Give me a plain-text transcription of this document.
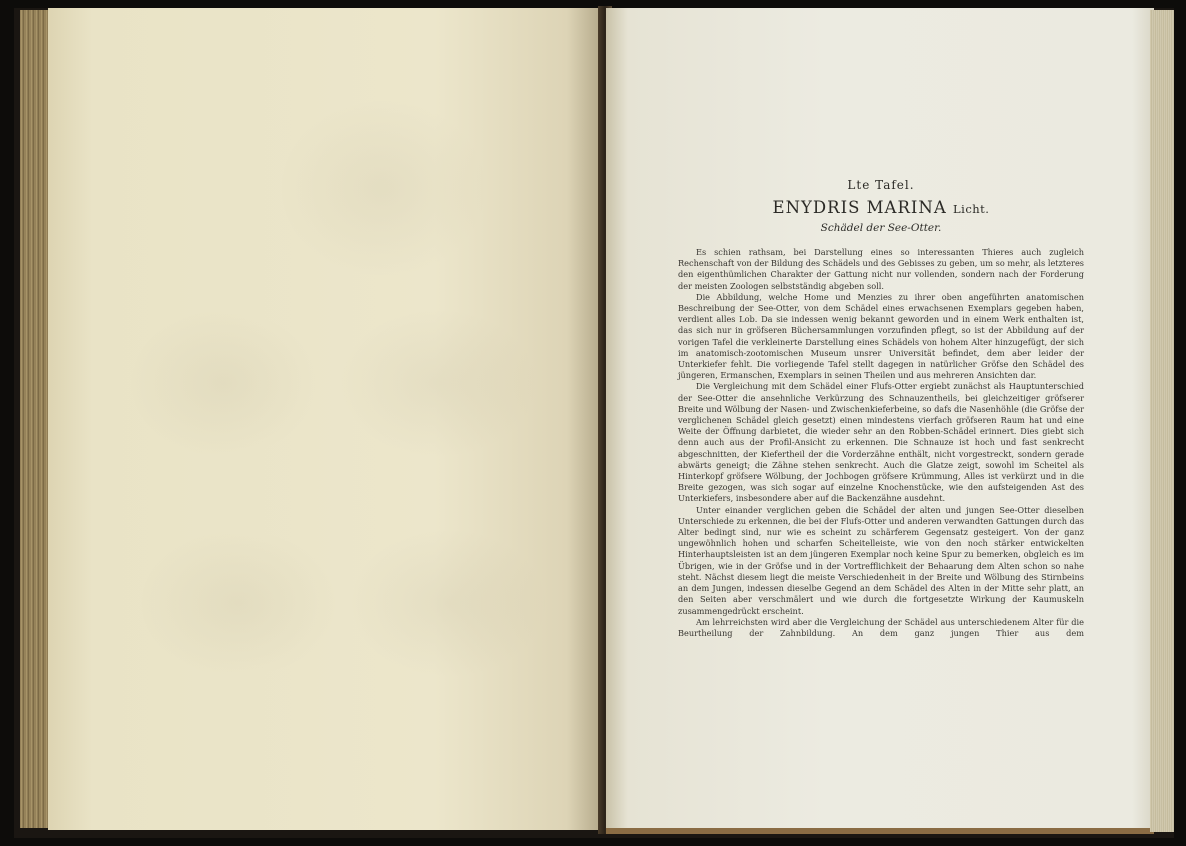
Lte Tafel.
ENYDRIS MARINA Licht.
Schädel der See-Otter.

Es schien rathsam, bei Darstellung eines so interessanten Thieres auch zugleich Rechenschaft von der Bildung des Schädels und des Gebisses zu geben, um so mehr, als letzteres den eigenthümlichen Charakter der Gattung nicht nur vollenden, sondern nach der Forderung der meisten Zoologen selbstständig abgeben soll.

Die Abbildung, welche Home und Menzies zu ihrer oben angeführten anatomischen Beschreibung der See-Otter, von dem Schädel eines erwachsenen Exemplars gegeben haben, verdient alles Lob. Da sie indessen wenig bekannt geworden und in einem Werk enthalten ist, das sich nur in gröfseren Büchersammlungen vorzufinden pflegt, so ist der Abbildung auf der vorigen Tafel die verkleinerte Darstellung eines Schädels von hohem Alter hinzugefügt, der sich im anatomisch-zootomischen Museum unsrer Universität befindet, dem aber leider der Unterkiefer fehlt. Die vorliegende Tafel stellt dagegen in natürlicher Gröfse den Schädel des jüngeren, Ermanschen, Exemplars in seinen Theilen und aus mehreren Ansichten dar.

Die Vergleichung mit dem Schädel einer Flufs-Otter ergiebt zunächst als Hauptunterschied der See-Otter die ansehnliche Verkürzung des Schnauzentheils, bei gleichzeitiger gröfserer Breite und Wölbung der Nasen- und Zwischenkieferbeine, so dafs die Nasenhöhle (die Gröfse der verglichenen Schädel gleich gesetzt) einen mindestens vierfach gröfseren Raum hat und eine Weite der Öffnung darbietet, die wieder sehr an den Robben-Schädel erinnert. Dies giebt sich denn auch aus der Profil-Ansicht zu erkennen. Die Schnauze ist hoch und fast senkrecht abgeschnitten, der Kiefertheil der die Vorderzähne enthält, nicht vorgestreckt, sondern gerade abwärts geneigt; die Zähne stehen senkrecht. Auch die Glatze zeigt, sowohl im Scheitel als Hinterkopf gröfsere Wölbung, der Jochbogen gröfsere Krümmung, Alles ist verkürzt und in die Breite gezogen, was sich sogar auf einzelne Knochenstücke, wie den aufsteigenden Ast des Unterkiefers, insbesondere aber auf die Backenzähne ausdehnt.

Unter einander verglichen geben die Schädel der alten und jungen See-Otter dieselben Unterschiede zu erkennen, die bei der Flufs-Otter und anderen verwandten Gattungen durch das Alter bedingt sind, nur wie es scheint zu schärferem Gegensatz gesteigert. Von der ganz ungewöhnlich hohen und scharfen Scheitelleiste, wie von den noch stärker entwickelten Hinterhauptsleisten ist an dem jüngeren Exemplar noch keine Spur zu bemerken, obgleich es im Übrigen, wie in der Gröfse und in der Vortrefflichkeit der Behaarung dem Alten schon so nahe steht. Nächst diesem liegt die meiste Verschiedenheit in der Breite und Wölbung des Stirnbeins an dem Jungen, indessen dieselbe Gegend an dem Schädel des Alten in der Mitte sehr platt, an den Seiten aber verschmälert und wie durch die fortgesetzte Wirkung der Kaumuskeln zusammengedrückt erscheint.

Am lehrreichsten wird aber die Vergleichung der Schädel aus unterschiedenem Alter für die Beurtheilung der Zahnbildung. An dem ganz jungen Thier aus dem
